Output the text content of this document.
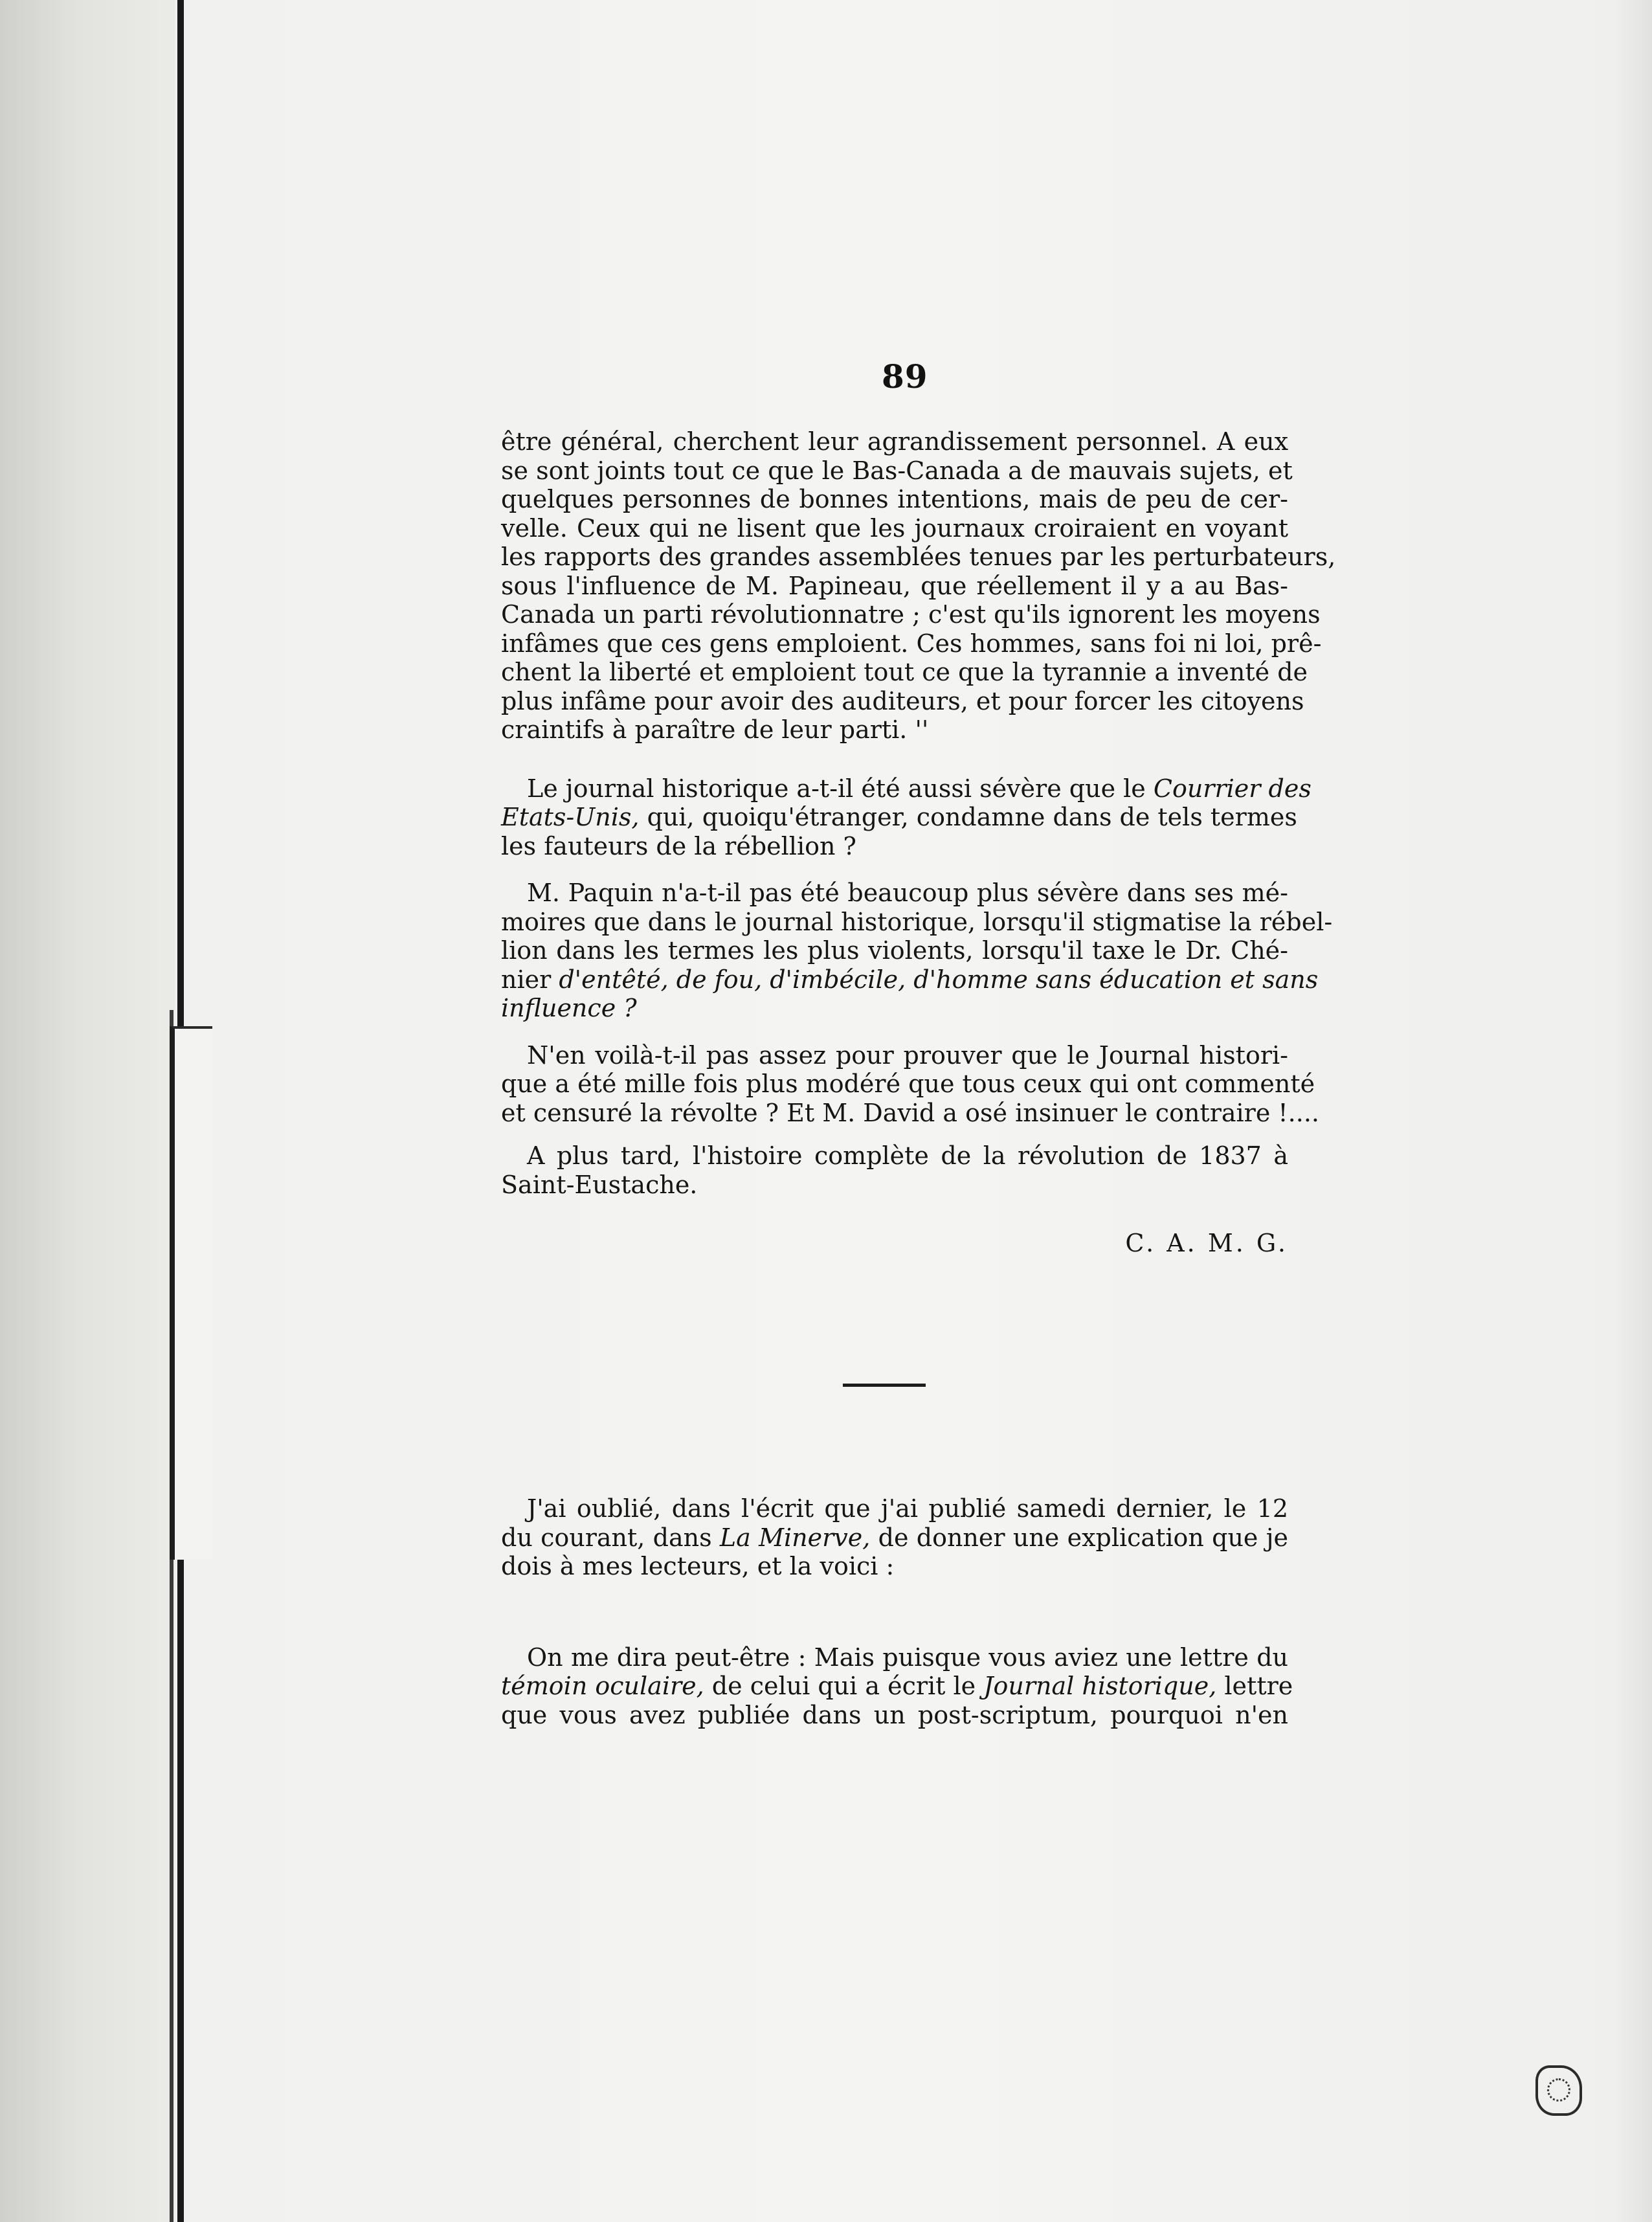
89

être général, cherchent leur agrandissement personnel. A eux
se sont joints tout ce que le Bas-Canada a de mauvais sujets, et
quelques personnes de bonnes intentions, mais de peu de cer-
velle. Ceux qui ne lisent que les journaux croiraient en voyant
les rapports des grandes assemblées tenues par les perturbateurs,
sous l'influence de M. Papineau, que réellement il y a au Bas-
Canada un parti révolutionnatre ; c'est qu'ils ignorent les moyens
infâmes que ces gens emploient. Ces hommes, sans foi ni loi, prê-
chent la liberté et emploient tout ce que la tyrannie a inventé de
plus infâme pour avoir des auditeurs, et pour forcer les citoyens
craintifs à paraître de leur parti. ''

Le journal historique a-t-il été aussi sévère que le Courrier des
Etats-Unis, qui, quoiqu'étranger, condamne dans de tels termes
les fauteurs de la rébellion ?

M. Paquin n'a-t-il pas été beaucoup plus sévère dans ses mé-
moires que dans le journal historique, lorsqu'il stigmatise la rébel-
lion dans les termes les plus violents, lorsqu'il taxe le Dr. Ché-
nier d'entêté, de fou, d'imbécile, d'homme sans éducation et sans
influence ?

N'en voilà-t-il pas assez pour prouver que le Journal histori-
que a été mille fois plus modéré que tous ceux qui ont commenté
et censuré la révolte ? Et M. David a osé insinuer le contraire !....

A plus tard, l'histoire complète de la révolution de 1837 à
Saint-Eustache.

C. A. M. G.

J'ai oublié, dans l'écrit que j'ai publié samedi dernier, le 12
du courant, dans La Minerve, de donner une explication que je
dois à mes lecteurs, et la voici :

On me dira peut-être : Mais puisque vous aviez une lettre du
témoin oculaire, de celui qui a écrit le Journal historique, lettre
que vous avez publiée dans un post-scriptum, pourquoi n'en
